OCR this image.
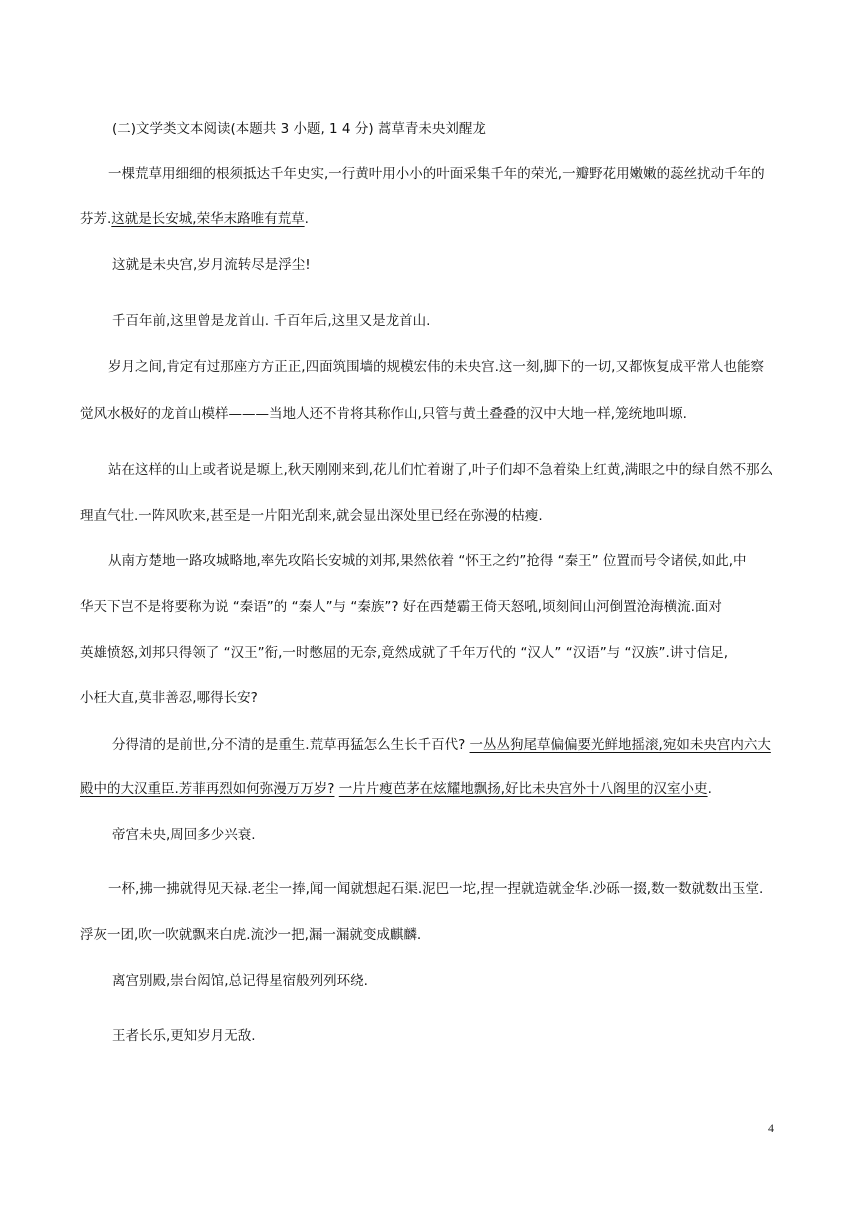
(二)文学类文本阅读(本题共 3 小题, 1 4 分) 蒿草青未央刘醒龙
一棵荒草用细细的根须抵达千年史实,一行黄叶用小小的叶面采集千年的荣光,一瓣野花用嫩嫩的蕊丝扰动千年的
芬芳.这就是长安城,荣华末路唯有荒草.
这就是未央宫,岁月流转尽是浮尘!
千百年前,这里曾是龙首山. 千百年后,这里又是龙首山.
岁月之间,肯定有过那座方方正正,四面筑围墙的规模宏伟的未央宫.这一刻,脚下的一切,又都恢复成平常人也能察
觉风水极好的龙首山模样———当地人还不肯将其称作山,只管与黄土叠叠的汉中大地一样,笼统地叫塬.
站在这样的山上或者说是塬上,秋天刚刚来到,花儿们忙着谢了,叶子们却不急着染上红黄,满眼之中的绿自然不那么
理直气壮.一阵风吹来,甚至是一片阳光刮来,就会显出深处里已经在弥漫的枯瘦.
从南方楚地一路攻城略地,率先攻陷长安城的刘邦,果然依着 “怀王之约”抢得 “秦王” 位置而号令诸侯,如此,中
华天下岂不是将要称为说 “秦语”的 “秦人”与 “秦族”? 好在西楚霸王倚天怒吼,顷刻间山河倒置沧海横流.面对
英雄愤怒,刘邦只得领了 “汉王”衔,一时憋屈的无奈,竟然成就了千年万代的 “汉人” “汉语”与 “汉族”.讲寸信足,
小枉大直,莫非善忍,哪得长安?
分得清的是前世,分不清的是重生.荒草再猛怎么生长千百代? 一丛丛狗尾草偏偏要光鲜地摇滚,宛如未央宫内六大
殿中的大汉重臣.芳菲再烈如何弥漫万万岁? 一片片瘦芭茅在炫耀地飘扬,好比未央宫外十八阁里的汉室小吏.
帝宫未央,周回多少兴衰.
一杯,拂一拂就得见天禄.老尘一捧,闻一闻就想起石渠.泥巴一坨,捏一捏就造就金华.沙砾一掇,数一数就数出玉堂.
浮灰一团,吹一吹就飘来白虎.流沙一把,漏一漏就变成麒麟.
离宫别殿,崇台闳馆,总记得星宿般列列环绕.
王者长乐,更知岁月无敌.
4
